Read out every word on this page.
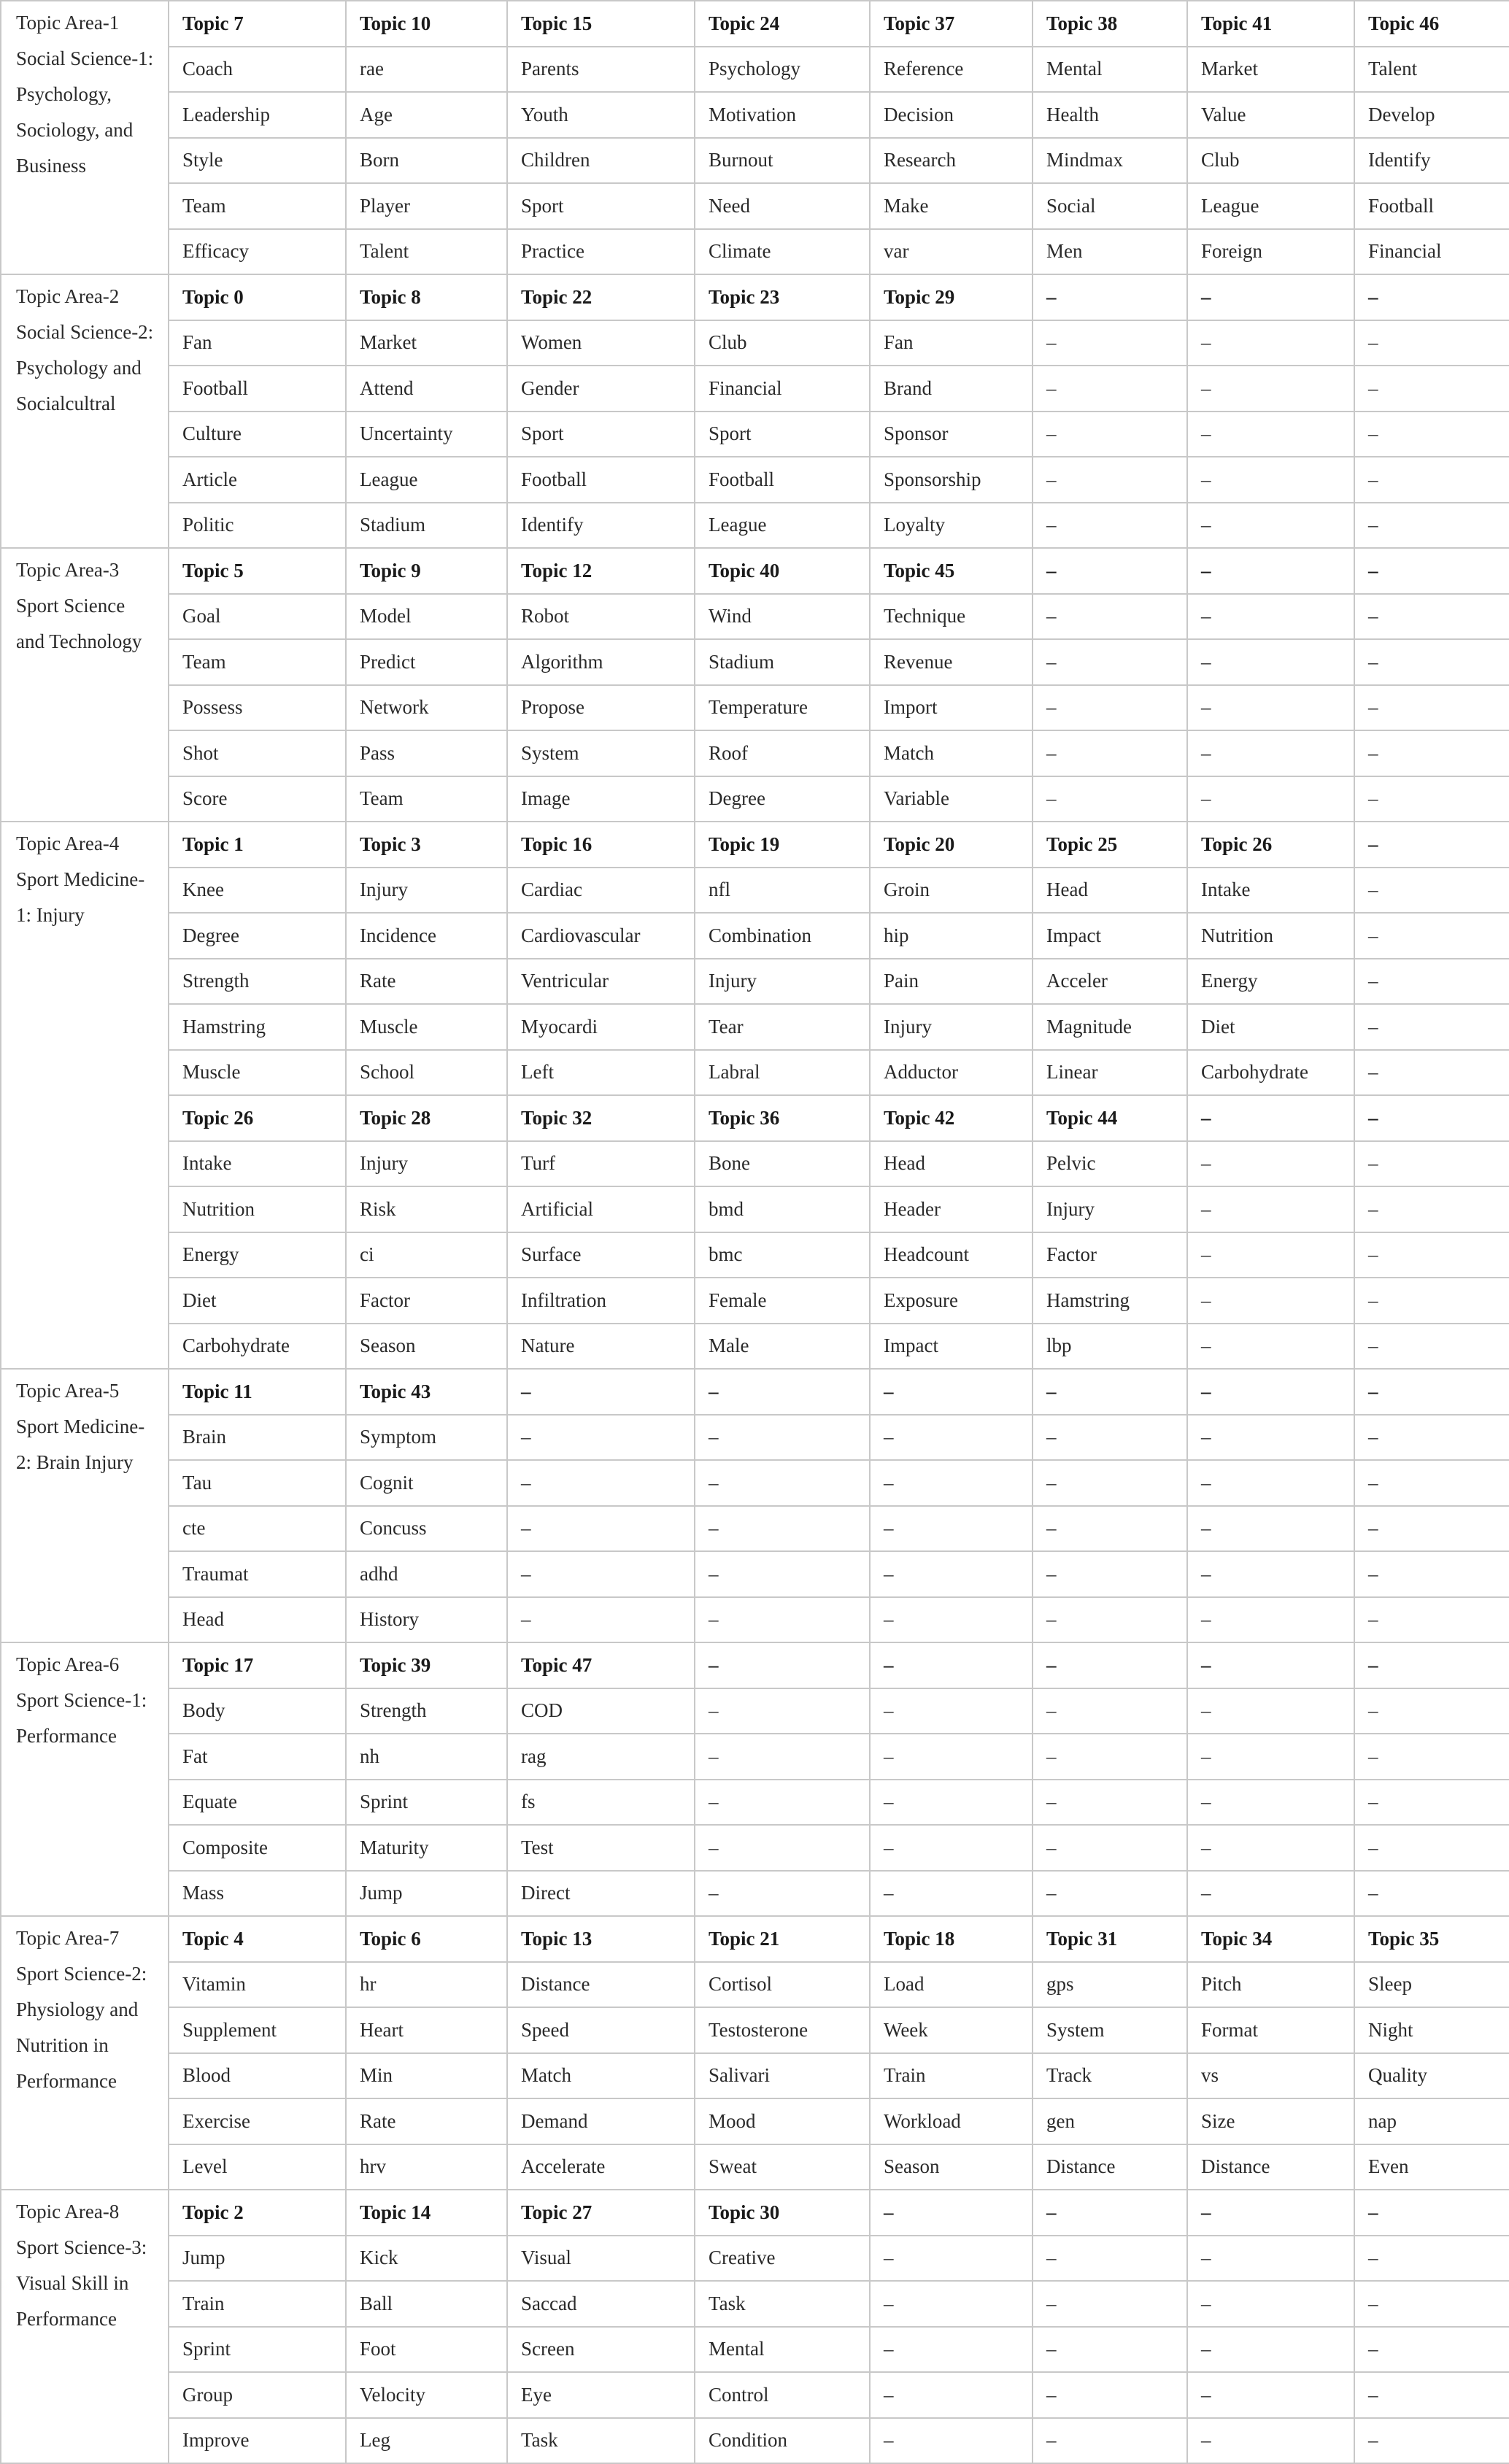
Topic Area-1 Social Science-1: Psychology, Sociology, and Business	Topic 7	Topic 10	Topic 15	Topic 24	Topic 37	Topic 38	Topic 41	Topic 46
	Coach	rae	Parents	Psychology	Reference	Mental	Market	Talent
	Leadership	Age	Youth	Motivation	Decision	Health	Value	Develop
	Style	Born	Children	Burnout	Research	Mindmax	Club	Identify
	Team	Player	Sport	Need	Make	Social	League	Football
	Efficacy	Talent	Practice	Climate	var	Men	Foreign	Financial
Topic Area-2 Social Science-2: Psychology and Socialcultral	Topic 0	Topic 8	Topic 22	Topic 23	Topic 29	–	–	–
	Fan	Market	Women	Club	Fan	–	–	–
	Football	Attend	Gender	Financial	Brand	–	–	–
	Culture	Uncertainty	Sport	Sport	Sponsor	–	–	–
	Article	League	Football	Football	Sponsorship	–	–	–
	Politic	Stadium	Identify	League	Loyalty	–	–	–
Topic Area-3 Sport Science and Technology	Topic 5	Topic 9	Topic 12	Topic 40	Topic 45	–	–	–
	Goal	Model	Robot	Wind	Technique	–	–	–
	Team	Predict	Algorithm	Stadium	Revenue	–	–	–
	Possess	Network	Propose	Temperature	Import	–	–	–
	Shot	Pass	System	Roof	Match	–	–	–
	Score	Team	Image	Degree	Variable	–	–	–
Topic Area-4 Sport Medicine-1: Injury	Topic 1	Topic 3	Topic 16	Topic 19	Topic 20	Topic 25	Topic 26	–
	Knee	Injury	Cardiac	nfl	Groin	Head	Intake	–
	Degree	Incidence	Cardiovascular	Combination	hip	Impact	Nutrition	–
	Strength	Rate	Ventricular	Injury	Pain	Acceler	Energy	–
	Hamstring	Muscle	Myocardi	Tear	Injury	Magnitude	Diet	–
	Muscle	School	Left	Labral	Adductor	Linear	Carbohydrate	–
	Topic 26	Topic 28	Topic 32	Topic 36	Topic 42	Topic 44	–	–
	Intake	Injury	Turf	Bone	Head	Pelvic	–	–
	Nutrition	Risk	Artificial	bmd	Header	Injury	–	–
	Energy	ci	Surface	bmc	Headcount	Factor	–	–
	Diet	Factor	Infiltration	Female	Exposure	Hamstring	–	–
	Carbohydrate	Season	Nature	Male	Impact	lbp	–	–
Topic Area-5 Sport Medicine-2: Brain Injury	Topic 11	Topic 43	–	–	–	–	–	–
	Brain	Symptom	–	–	–	–	–	–
	Tau	Cognit	–	–	–	–	–	–
	cte	Concuss	–	–	–	–	–	–
	Traumat	adhd	–	–	–	–	–	–
	Head	History	–	–	–	–	–	–
Topic Area-6 Sport Science-1: Performance	Topic 17	Topic 39	Topic 47	–	–	–	–	–
	Body	Strength	COD	–	–	–	–	–
	Fat	nh	rag	–	–	–	–	–
	Equate	Sprint	fs	–	–	–	–	–
	Composite	Maturity	Test	–	–	–	–	–
	Mass	Jump	Direct	–	–	–	–	–
Topic Area-7 Sport Science-2: Physiology and Nutrition in Performance	Topic 4	Topic 6	Topic 13	Topic 21	Topic 18	Topic 31	Topic 34	Topic 35
	Vitamin	hr	Distance	Cortisol	Load	gps	Pitch	Sleep
	Supplement	Heart	Speed	Testosterone	Week	System	Format	Night
	Blood	Min	Match	Salivari	Train	Track	vs	Quality
	Exercise	Rate	Demand	Mood	Workload	gen	Size	nap
	Level	hrv	Accelerate	Sweat	Season	Distance	Distance	Even
Topic Area-8 Sport Science-3: Visual Skill in Performance	Topic 2	Topic 14	Topic 27	Topic 30	–	–	–	–
	Jump	Kick	Visual	Creative	–	–	–	–
	Train	Ball	Saccad	Task	–	–	–	–
	Sprint	Foot	Screen	Mental	–	–	–	–
	Group	Velocity	Eye	Control	–	–	–	–
	Improve	Leg	Task	Condition	–	–	–	–
